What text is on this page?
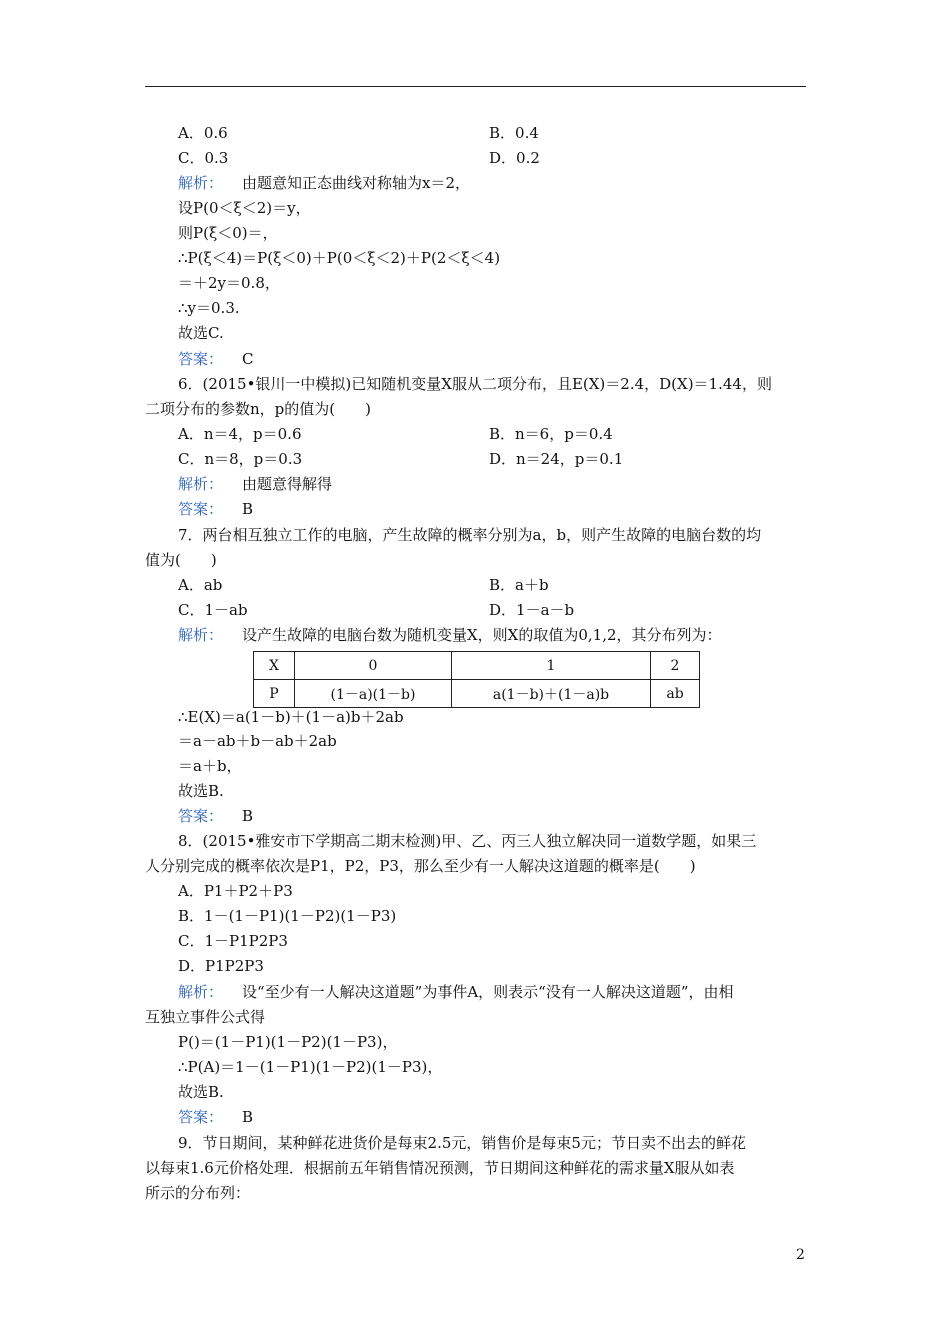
A．0.6	B．0.4
C．0.3	D．0.2
解析： 由题意知正态曲线对称轴为x＝2，
设P(0＜ξ＜2)＝y，
则P(ξ＜0)＝，
∴P(ξ＜4)＝P(ξ＜0)＋P(0＜ξ＜2)＋P(2＜ξ＜4)
＝＋2y＝0.8，
∴y＝0.3.
故选C.
答案： C
6．(2015•银川一中模拟)已知随机变量X服从二项分布，且E(X)＝2.4，D(X)＝1.44，则
二项分布的参数n，p的值为(　　)
A．n＝4，p＝0.6	B．n＝6，p＝0.4
C．n＝8，p＝0.3	D．n＝24，p＝0.1
解析： 由题意得解得
答案： B
7．两台相互独立工作的电脑，产生故障的概率分别为a，b，则产生故障的电脑台数的均
值为(　　)
A．ab	B．a＋b
C．1－ab	D．1－a－b
解析： 设产生故障的电脑台数为随机变量X，则X的取值为0,1,2，其分布列为：
X	0	1	2
P	(1－a)(1－b)	a(1－b)＋(1－a)b	ab
∴E(X)＝a(1－b)＋(1－a)b＋2ab
＝a－ab＋b－ab＋2ab
＝a＋b，
故选B.
答案： B
8．(2015•雅安市下学期高二期末检测)甲、乙、丙三人独立解决同一道数学题，如果三
人分别完成的概率依次是P1，P2，P3，那么至少有一人解决这道题的概率是(　　)
A．P1＋P2＋P3
B．1－(1－P1)(1－P2)(1－P3)
C．1－P1P2P3
D．P1P2P3
解析： 设“至少有一人解决这道题”为事件A，则表示“没有一人解决这道题”，由相
互独立事件公式得
P()＝(1－P1)(1－P2)(1－P3)，
∴P(A)＝1－(1－P1)(1－P2)(1－P3)，
故选B.
答案： B
9．节日期间，某种鲜花进货价是每束2.5元，销售价是每束5元；节日卖不出去的鲜花
以每束1.6元价格处理．根据前五年销售情况预测，节日期间这种鲜花的需求量X服从如表
所示的分布列：
2
